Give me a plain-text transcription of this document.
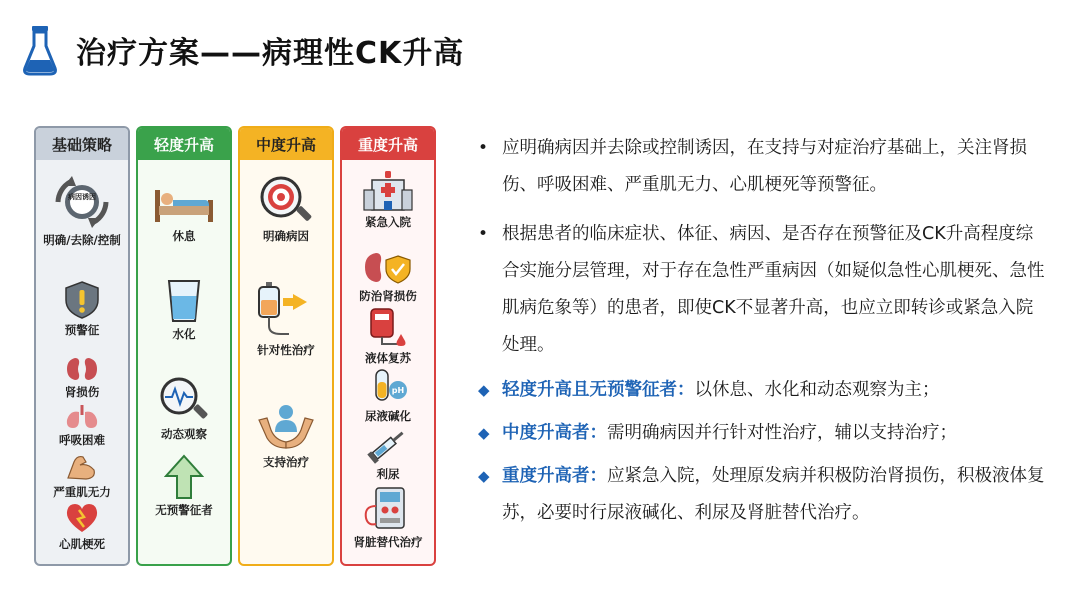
治疗方案——病理性CK升高
基础策略
病因诱因
明确/去除/控制
预警征
肾损伤
呼吸困难
严重肌无力
心肌梗死
轻度升高
休息
水化
动态观察
无预警征者
中度升高
明确病因
针对性治疗
支持治疗
重度升高
紧急入院
防治肾损伤
液体复苏
pH
尿液碱化
利尿
肾脏替代治疗
• 应明确病因并去除或控制诱因，在支持与对症治疗基础上，关注肾损伤、呼吸困难、严重肌无力、心肌梗死等预警征。
• 根据患者的临床症状、体征、病因、是否存在预警征及CK升高程度综合实施分层管理，对于存在急性严重病因（如疑似急性心肌梗死、急性肌病危象等）的患者，即使CK不显著升高，也应立即转诊或紧急入院处理。
◆ 轻度升高且无预警征者：以休息、水化和动态观察为主；
◆ 中度升高者：需明确病因并行针对性治疗，辅以支持治疗；
◆ 重度升高者：应紧急入院，处理原发病并积极防治肾损伤，积极液体复苏，必要时行尿液碱化、利尿及肾脏替代治疗。
